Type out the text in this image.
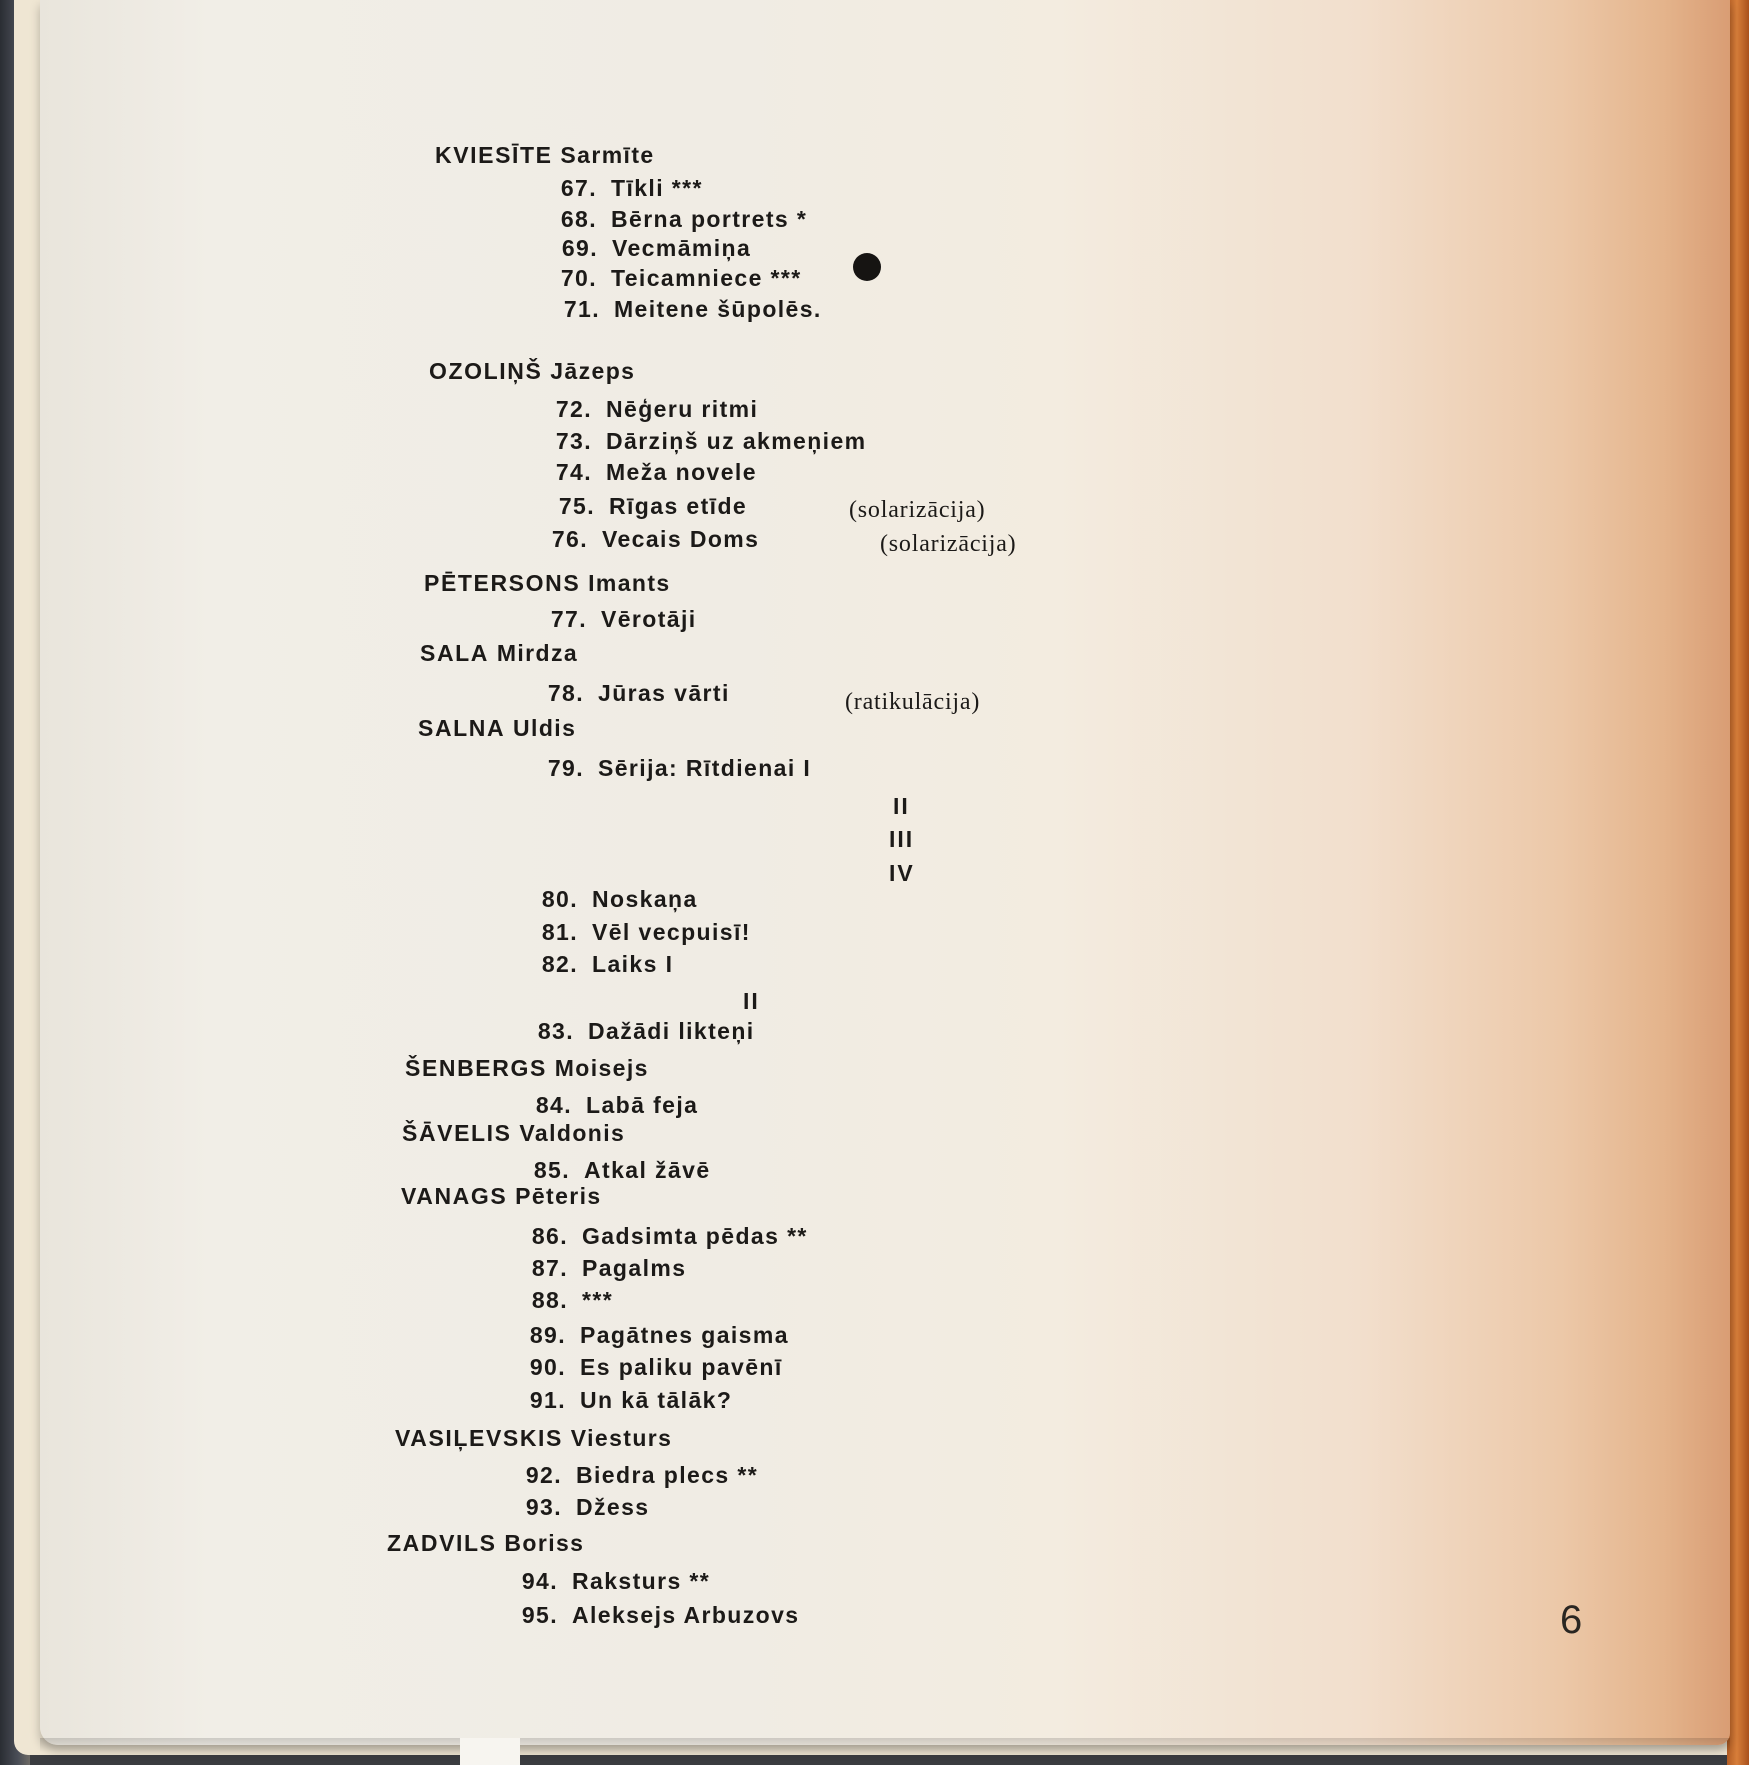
KVIESĪTE Sarmīte
67. Tīkli ***
68. Bērna portrets *
69. Vecmāmiņa
70. Teicamniece ***
71. Meitene šūpolēs.
OZOLIŅŠ Jāzeps
72. Nēģeru ritmi
73. Dārziņš uz akmeņiem
74. Meža novele
75. Rīgas etīde	(solarizācija)
76. Vecais Doms	(solarizācija)
PĒTERSONS Imants
77. Vērotāji
SALA Mirdza
78. Jūras vārti	(ratikulācija)
SALNA Uldis
79. Sērija: Rītdienai I
II
III
IV
80. Noskaņa
81. Vēl vecpuisī!
82. Laiks I
II
83. Dažādi likteņi
ŠENBERGS Moisejs
84. Labā feja
ŠĀVELIS Valdonis
85. Atkal žāvē
VANAGS Pēteris
86. Gadsimta pēdas **
87. Pagalms
88. ***
89. Pagātnes gaisma
90. Es paliku pavēnī
91. Un kā tālāk?
VASIĻEVSKIS Viesturs
92. Biedra plecs **
93. Džess
ZADVILS Boriss
94. Raksturs **
95. Aleksejs Arbuzovs	6
